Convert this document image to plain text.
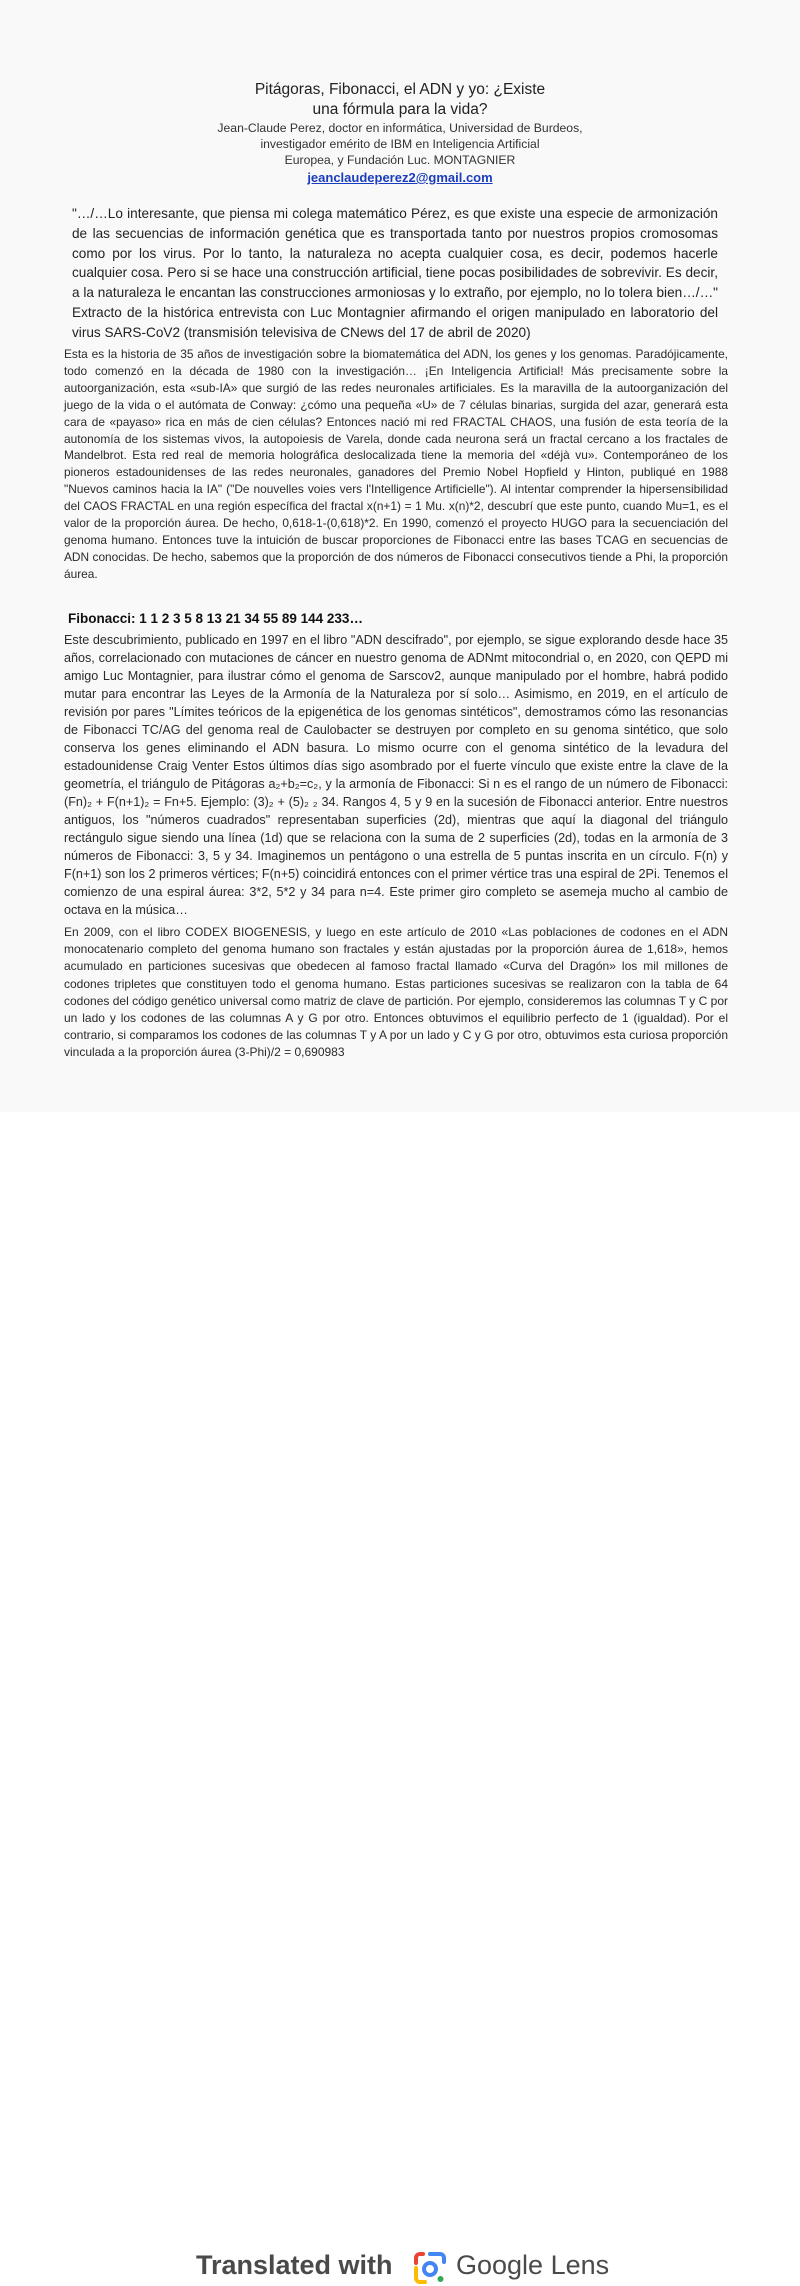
Pitágoras, Fibonacci, el ADN y yo: ¿Existe
una fórmula para la vida?
Jean-Claude Perez, doctor en informática, Universidad de Burdeos,
investigador emérito de IBM en Inteligencia Artificial
Europea, y Fundación Luc. MONTAGNIER
jeanclaudeperez2@gmail.com

"…/…Lo interesante, que piensa mi colega matemático Pérez, es que existe una especie de armonización de las secuencias de información genética que es transportada tanto por nuestros propios cromosomas como por los virus. Por lo tanto, la naturaleza no acepta cualquier cosa, es decir, podemos hacerle cualquier cosa. Pero si se hace una construcción artificial, tiene pocas posibilidades de sobrevivir. Es decir, a la naturaleza le encantan las construcciones armoniosas y lo extraño, por ejemplo, no lo tolera bien…/…" Extracto de la histórica entrevista con Luc Montagnier afirmando el origen manipulado en laboratorio del virus SARS-CoV2 (transmisión televisiva de CNews del 17 de abril de 2020)

Esta es la historia de 35 años de investigación sobre la biomatemática del ADN, los genes y los genomas. Paradójicamente, todo comenzó en la década de 1980 con la investigación… ¡En Inteligencia Artificial! Más precisamente sobre la autoorganización, esta «sub-IA» que surgió de las redes neuronales artificiales. Es la maravilla de la autoorganización del juego de la vida o el autómata de Conway: ¿cómo una pequeña «U» de 7 células binarias, surgida del azar, generará esta cara de «payaso» rica en más de cien células? Entonces nació mi red FRACTAL CHAOS, una fusión de esta teoría de la autonomía de los sistemas vivos, la autopoiesis de Varela, donde cada neurona será un fractal cercano a los fractales de Mandelbrot. Esta red real de memoria holográfica deslocalizada tiene la memoria del «déjà vu». Contemporáneo de los pioneros estadounidenses de las redes neuronales, ganadores del Premio Nobel Hopfield y Hinton, publiqué en 1988 "Nuevos caminos hacia la IA" ("De nouvelles voies vers l'Intelligence Artificielle"). Al intentar comprender la hipersensibilidad del CAOS FRACTAL en una región específica del fractal x(n+1) = 1 Mu. x(n)*2, descubrí que este punto, cuando Mu=1, es el valor de la proporción áurea. De hecho, 0,618-1-(0,618)*2. En 1990, comenzó el proyecto HUGO para la secuenciación del genoma humano. Entonces tuve la intuición de buscar proporciones de Fibonacci entre las bases TCAG en secuencias de ADN conocidas. De hecho, sabemos que la proporción de dos números de Fibonacci consecutivos tiende a Phi, la proporción áurea.

Fibonacci: 1 1 2 3 5 8 13 21 34 55 89 144 233…

Este descubrimiento, publicado en 1997 en el libro "ADN descifrado", por ejemplo, se sigue explorando desde hace 35 años, correlacionado con mutaciones de cáncer en nuestro genoma de ADNmt mitocondrial o, en 2020, con QEPD mi amigo Luc Montagnier, para ilustrar cómo el genoma de Sarscov2, aunque manipulado por el hombre, habrá podido mutar para encontrar las Leyes de la Armonía de la Naturaleza por sí solo… Asimismo, en 2019, en el artículo de revisión por pares "Límites teóricos de la epigenética de los genomas sintéticos", demostramos cómo las resonancias de Fibonacci TC/AG del genoma real de Caulobacter se destruyen por completo en su genoma sintético, que solo conserva los genes eliminando el ADN basura. Lo mismo ocurre con el genoma sintético de la levadura del estadounidense Craig Venter Estos últimos días sigo asombrado por el fuerte vínculo que existe entre la clave de la geometría, el triángulo de Pitágoras a₂+b₂=c₂, y la armonía de Fibonacci: Si n es el rango de un número de Fibonacci: (Fn)₂ + F(n+1)₂ = Fn+5. Ejemplo: (3)₂ + (5)₂ ₂ 34. Rangos 4, 5 y 9 en la sucesión de Fibonacci anterior. Entre nuestros antiguos, los "números cuadrados" representaban superficies (2d), mientras que aquí la diagonal del triángulo rectángulo sigue siendo una línea (1d) que se relaciona con la suma de 2 superficies (2d), todas en la armonía de 3 números de Fibonacci: 3, 5 y 34. Imaginemos un pentágono o una estrella de 5 puntas inscrita en un círculo. F(n) y F(n+1) son los 2 primeros vértices; F(n+5) coincidirá entonces con el primer vértice tras una espiral de 2Pi. Tenemos el comienzo de una espiral áurea: 3*2, 5*2 y 34 para n=4. Este primer giro completo se asemeja mucho al cambio de octava en la música…

En 2009, con el libro CODEX BIOGENESIS, y luego en este artículo de 2010 «Las poblaciones de codones en el ADN monocatenario completo del genoma humano son fractales y están ajustadas por la proporción áurea de 1,618», hemos acumulado en particiones sucesivas que obedecen al famoso fractal llamado «Curva del Dragón» los mil millones de codones tripletes que constituyen todo el genoma humano. Estas particiones sucesivas se realizaron con la tabla de 64 codones del código genético universal como matriz de clave de partición. Por ejemplo, consideremos las columnas T y C por un lado y los codones de las columnas A y G por otro. Entonces obtuvimos el equilibrio perfecto de 1 (igualdad). Por el contrario, si comparamos los codones de las columnas T y A por un lado y C y G por otro, obtuvimos esta curiosa proporción vinculada a la proporción áurea (3-Phi)/2 = 0,690983

Translated with Google Lens
